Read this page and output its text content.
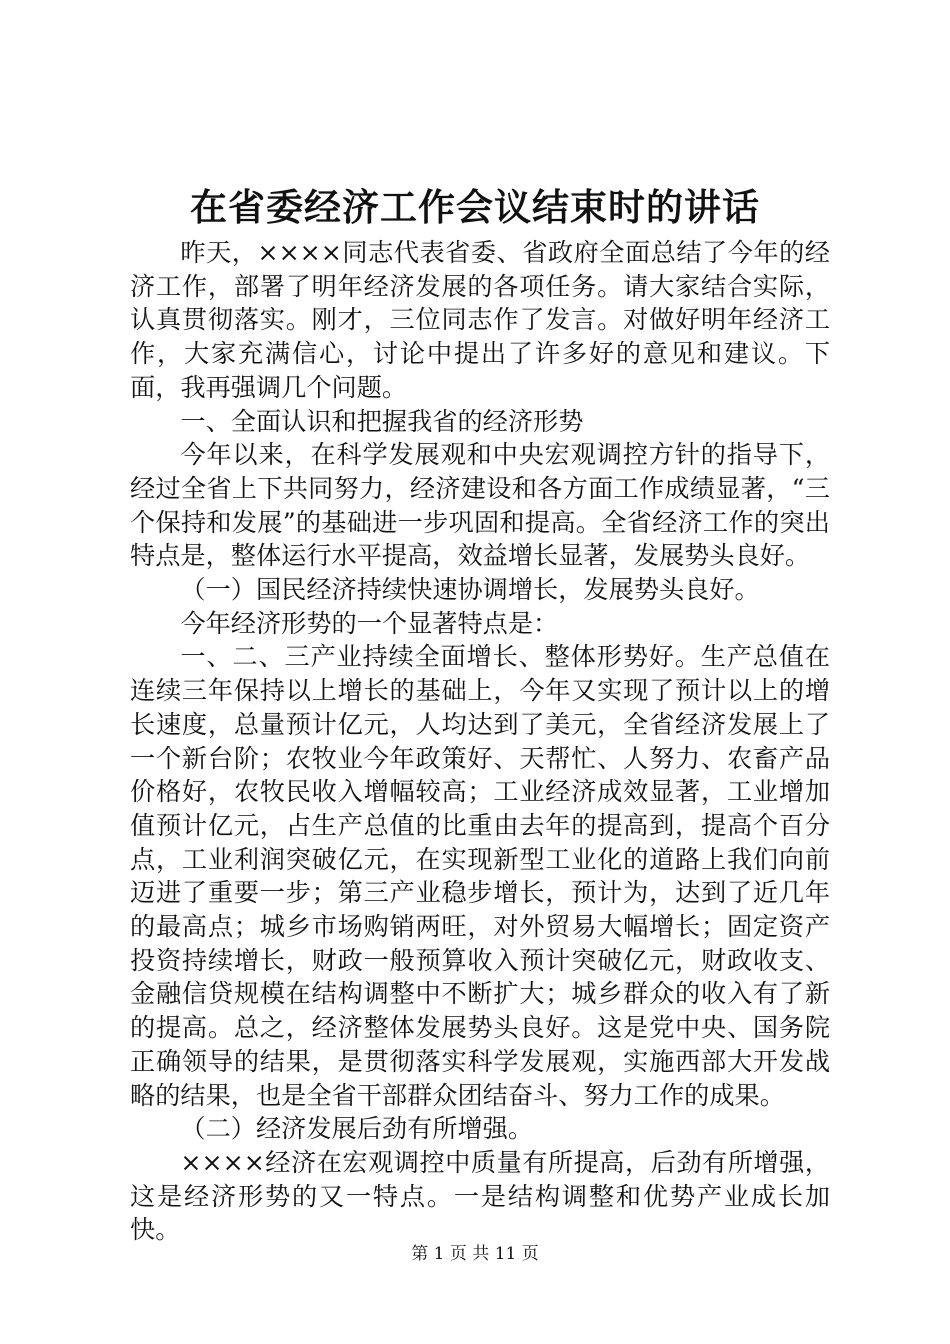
在省委经济工作会议结束时的讲话

昨天，××××同志代表省委、省政府全面总结了今年的经济工作，部署了明年经济发展的各项任务。请大家结合实际，认真贯彻落实。刚才，三位同志作了发言。对做好明年经济工作，大家充满信心，讨论中提出了许多好的意见和建议。下面，我再强调几个问题。

一、全面认识和把握我省的经济形势

今年以来，在科学发展观和中央宏观调控方针的指导下，经过全省上下共同努力，经济建设和各方面工作成绩显著，“三个保持和发展”的基础进一步巩固和提高。全省经济工作的突出特点是，整体运行水平提高，效益增长显著，发展势头良好。

（一）国民经济持续快速协调增长，发展势头良好。

今年经济形势的一个显著特点是：

一、二、三产业持续全面增长、整体形势好。生产总值在连续三年保持以上增长的基础上，今年又实现了预计以上的增长速度，总量预计亿元，人均达到了美元，全省经济发展上了一个新台阶；农牧业今年政策好、天帮忙、人努力、农畜产品价格好，农牧民收入增幅较高；工业经济成效显著，工业增加值预计亿元，占生产总值的比重由去年的提高到，提高个百分点，工业利润突破亿元，在实现新型工业化的道路上我们向前迈进了重要一步；第三产业稳步增长，预计为，达到了近几年的最高点；城乡市场购销两旺，对外贸易大幅增长；固定资产投资持续增长，财政一般预算收入预计突破亿元，财政收支、金融信贷规模在结构调整中不断扩大；城乡群众的收入有了新的提高。总之，经济整体发展势头良好。这是党中央、国务院正确领导的结果，是贯彻落实科学发展观，实施西部大开发战略的结果，也是全省干部群众团结奋斗、努力工作的成果。

（二）经济发展后劲有所增强。

××××经济在宏观调控中质量有所提高，后劲有所增强，这是经济形势的又一特点。一是结构调整和优势产业成长加快。

第 1 页 共 11 页
